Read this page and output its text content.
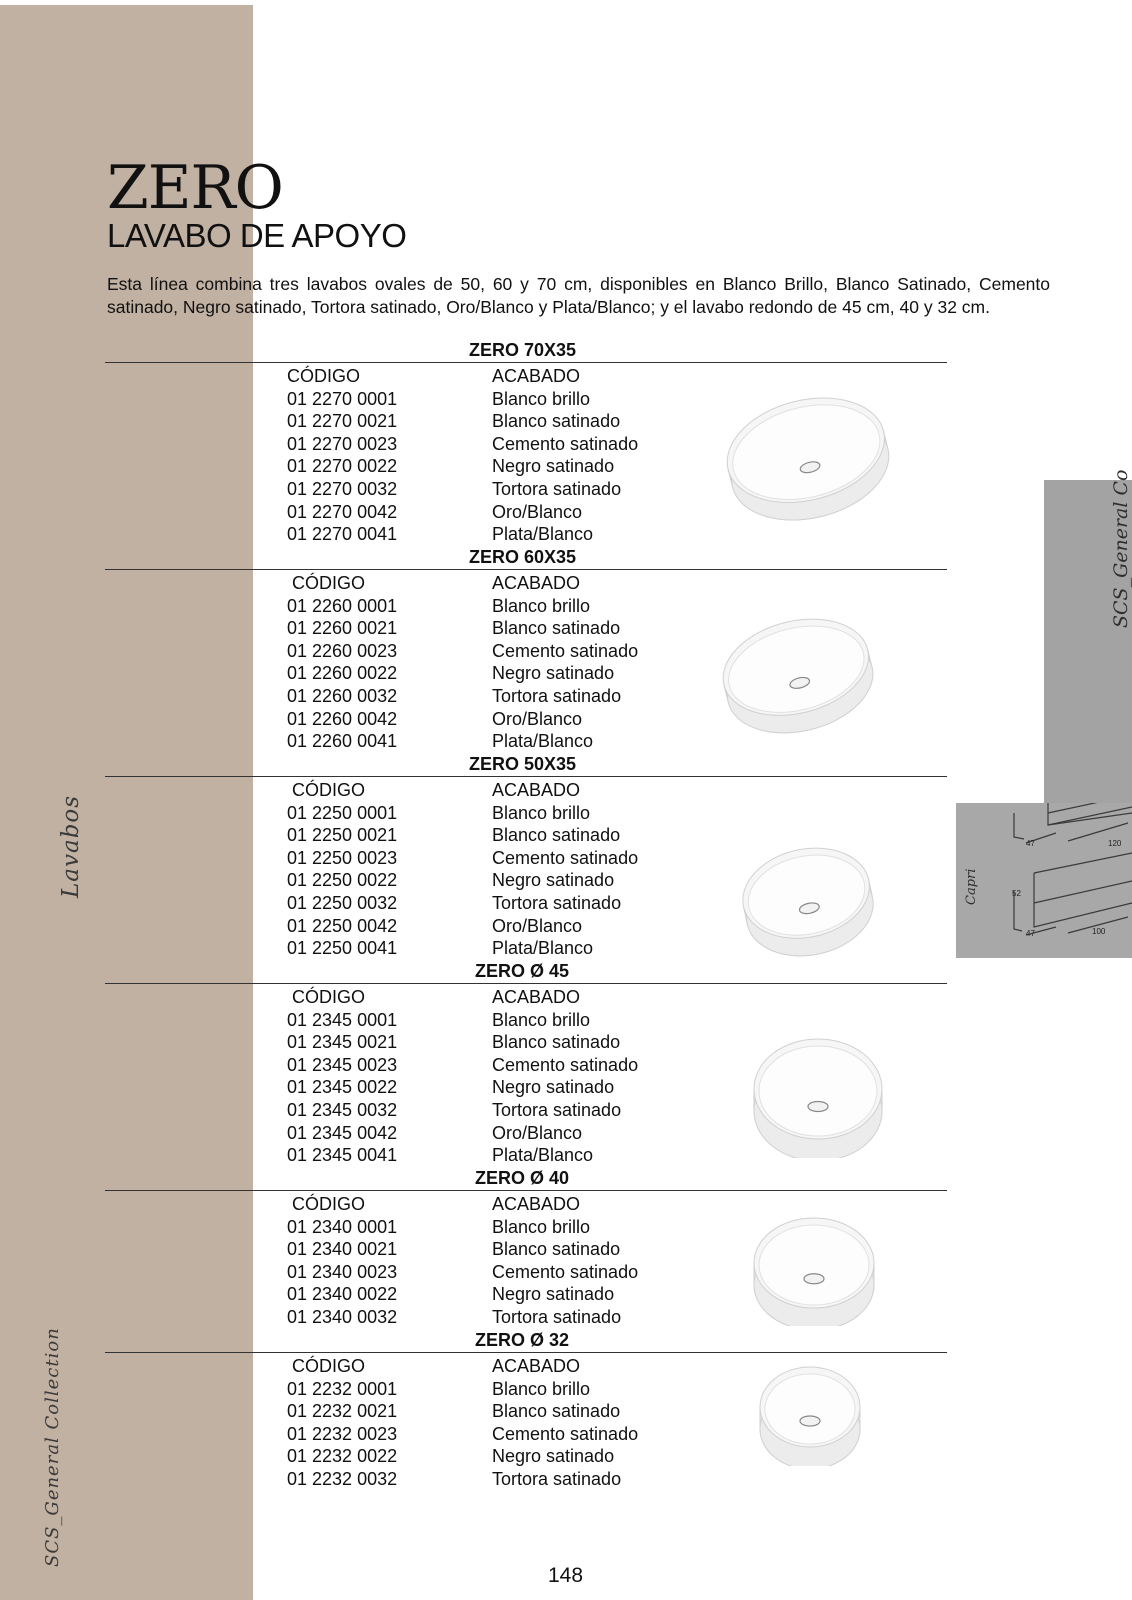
Lavabos
SCS_General Collection
ZERO
LAVABO DE APOYO

Esta línea combina tres lavabos ovales de 50, 60 y 70 cm, disponibles en Blanco Brillo, Blanco Satinado, Cemento satinado, Negro satinado, Tortora satinado, Oro/Blanco y Plata/Blanco; y el lavabo redondo de 45 cm, 40 y 32 cm.

ZERO 70X35
CÓDIGO	ACABADO
01 2270 0001	Blanco brillo
01 2270 0021	Blanco satinado
01 2270 0023	Cemento satinado
01 2270 0022	Negro satinado
01 2270 0032	Tortora satinado
01 2270 0042	Oro/Blanco
01 2270 0041	Plata/Blanco
ZERO 60X35
CÓDIGO	ACABADO
01 2260 0001	Blanco brillo
01 2260 0021	Blanco satinado
01 2260 0023	Cemento satinado
01 2260 0022	Negro satinado
01 2260 0032	Tortora satinado
01 2260 0042	Oro/Blanco
01 2260 0041	Plata/Blanco
ZERO 50X35
CÓDIGO	ACABADO
01 2250 0001	Blanco brillo
01 2250 0021	Blanco satinado
01 2250 0023	Cemento satinado
01 2250 0022	Negro satinado
01 2250 0032	Tortora satinado
01 2250 0042	Oro/Blanco
01 2250 0041	Plata/Blanco
ZERO Ø 45
CÓDIGO	ACABADO
01 2345 0001	Blanco brillo
01 2345 0021	Blanco satinado
01 2345 0023	Cemento satinado
01 2345 0022	Negro satinado
01 2345 0032	Tortora satinado
01 2345 0042	Oro/Blanco
01 2345 0041	Plata/Blanco
ZERO Ø 40
CÓDIGO	ACABADO
01 2340 0001	Blanco brillo
01 2340 0021	Blanco satinado
01 2340 0023	Cemento satinado
01 2340 0022	Negro satinado
01 2340 0032	Tortora satinado
ZERO Ø 32
CÓDIGO	ACABADO
01 2232 0001	Blanco brillo
01 2232 0021	Blanco satinado
01 2232 0023	Cemento satinado
01 2232 0022	Negro satinado
01 2232 0032	Tortora satinado
SCS_General Co
47	120
52
47	100
Capri
148
